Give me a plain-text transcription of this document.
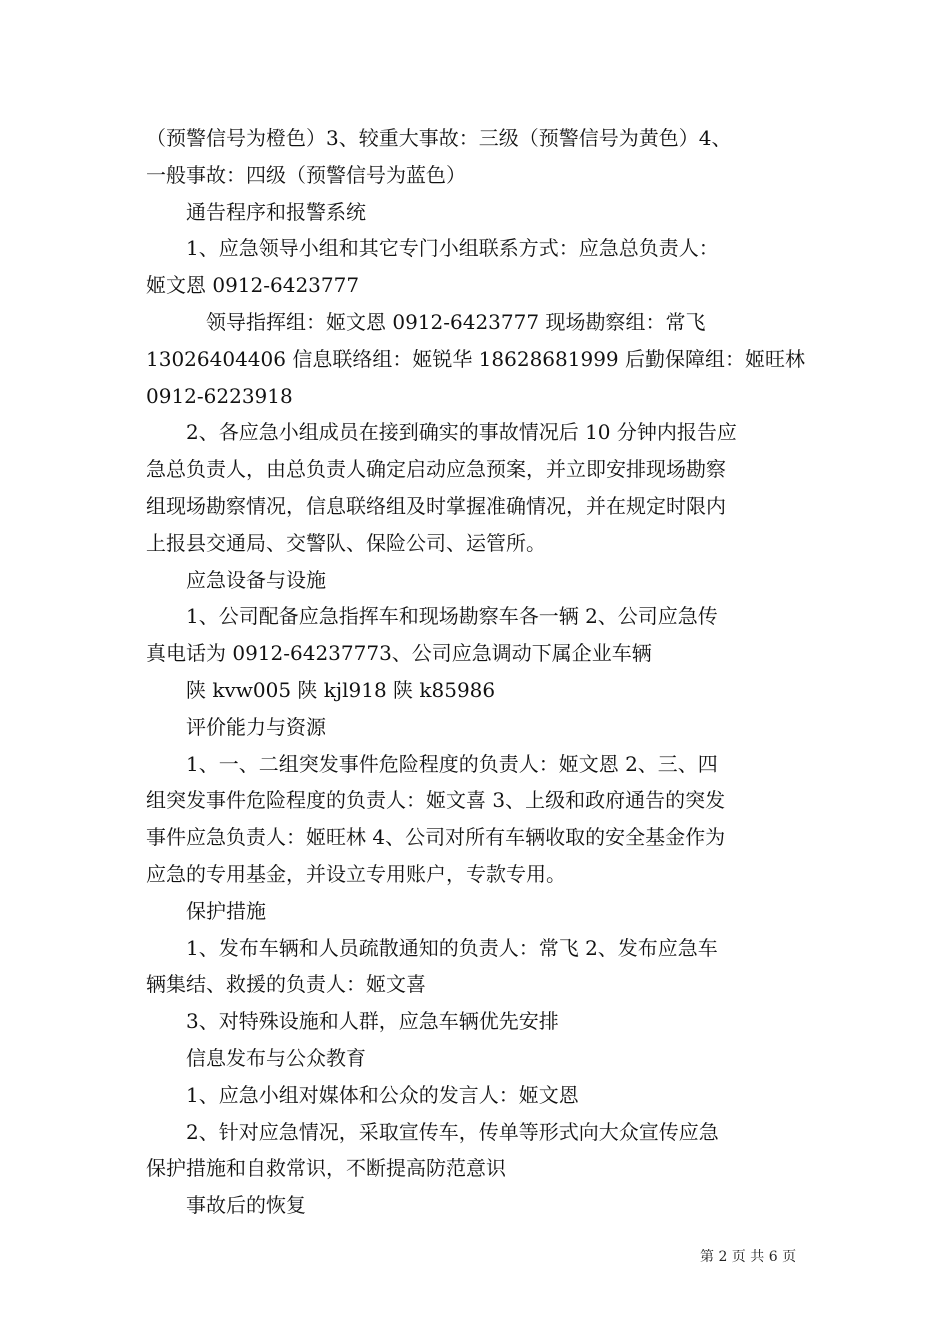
（预警信号为橙色）3、较重大事故：三级（预警信号为黄色）4、
一般事故：四级（预警信号为蓝色）
　　通告程序和报警系统
　　1、应急领导小组和其它专门小组联系方式：应急总负责人：
姬文恩 0912-6423777
　　　领导指挥组：姬文恩 0912-6423777 现场勘察组：常飞
13026404406 信息联络组：姬锐华 18628681999 后勤保障组：姬旺林
0912-6223918
　　2、各应急小组成员在接到确实的事故情况后 10 分钟内报告应
急总负责人，由总负责人确定启动应急预案，并立即安排现场勘察
组现场勘察情况，信息联络组及时掌握准确情况，并在规定时限内
上报县交通局、交警队、保险公司、运管所。
　　应急设备与设施
　　1、公司配备应急指挥车和现场勘察车各一辆 2、公司应急传
真电话为 0912-64237773、公司应急调动下属企业车辆
　　陕 kvw005 陕 kjl918 陕 k85986
　　评价能力与资源
　　1、一、二组突发事件危险程度的负责人：姬文恩 2、三、四
组突发事件危险程度的负责人：姬文喜 3、上级和政府通告的突发
事件应急负责人：姬旺林 4、公司对所有车辆收取的安全基金作为
应急的专用基金，并设立专用账户，专款专用。
　　保护措施
　　1、发布车辆和人员疏散通知的负责人：常飞 2、发布应急车
辆集结、救援的负责人：姬文喜
　　3、对特殊设施和人群，应急车辆优先安排
　　信息发布与公众教育
　　1、应急小组对媒体和公众的发言人：姬文恩
　　2、针对应急情况，采取宣传车，传单等形式向大众宣传应急
保护措施和自救常识，不断提高防范意识
　　事故后的恢复
第 2 页 共 6 页
